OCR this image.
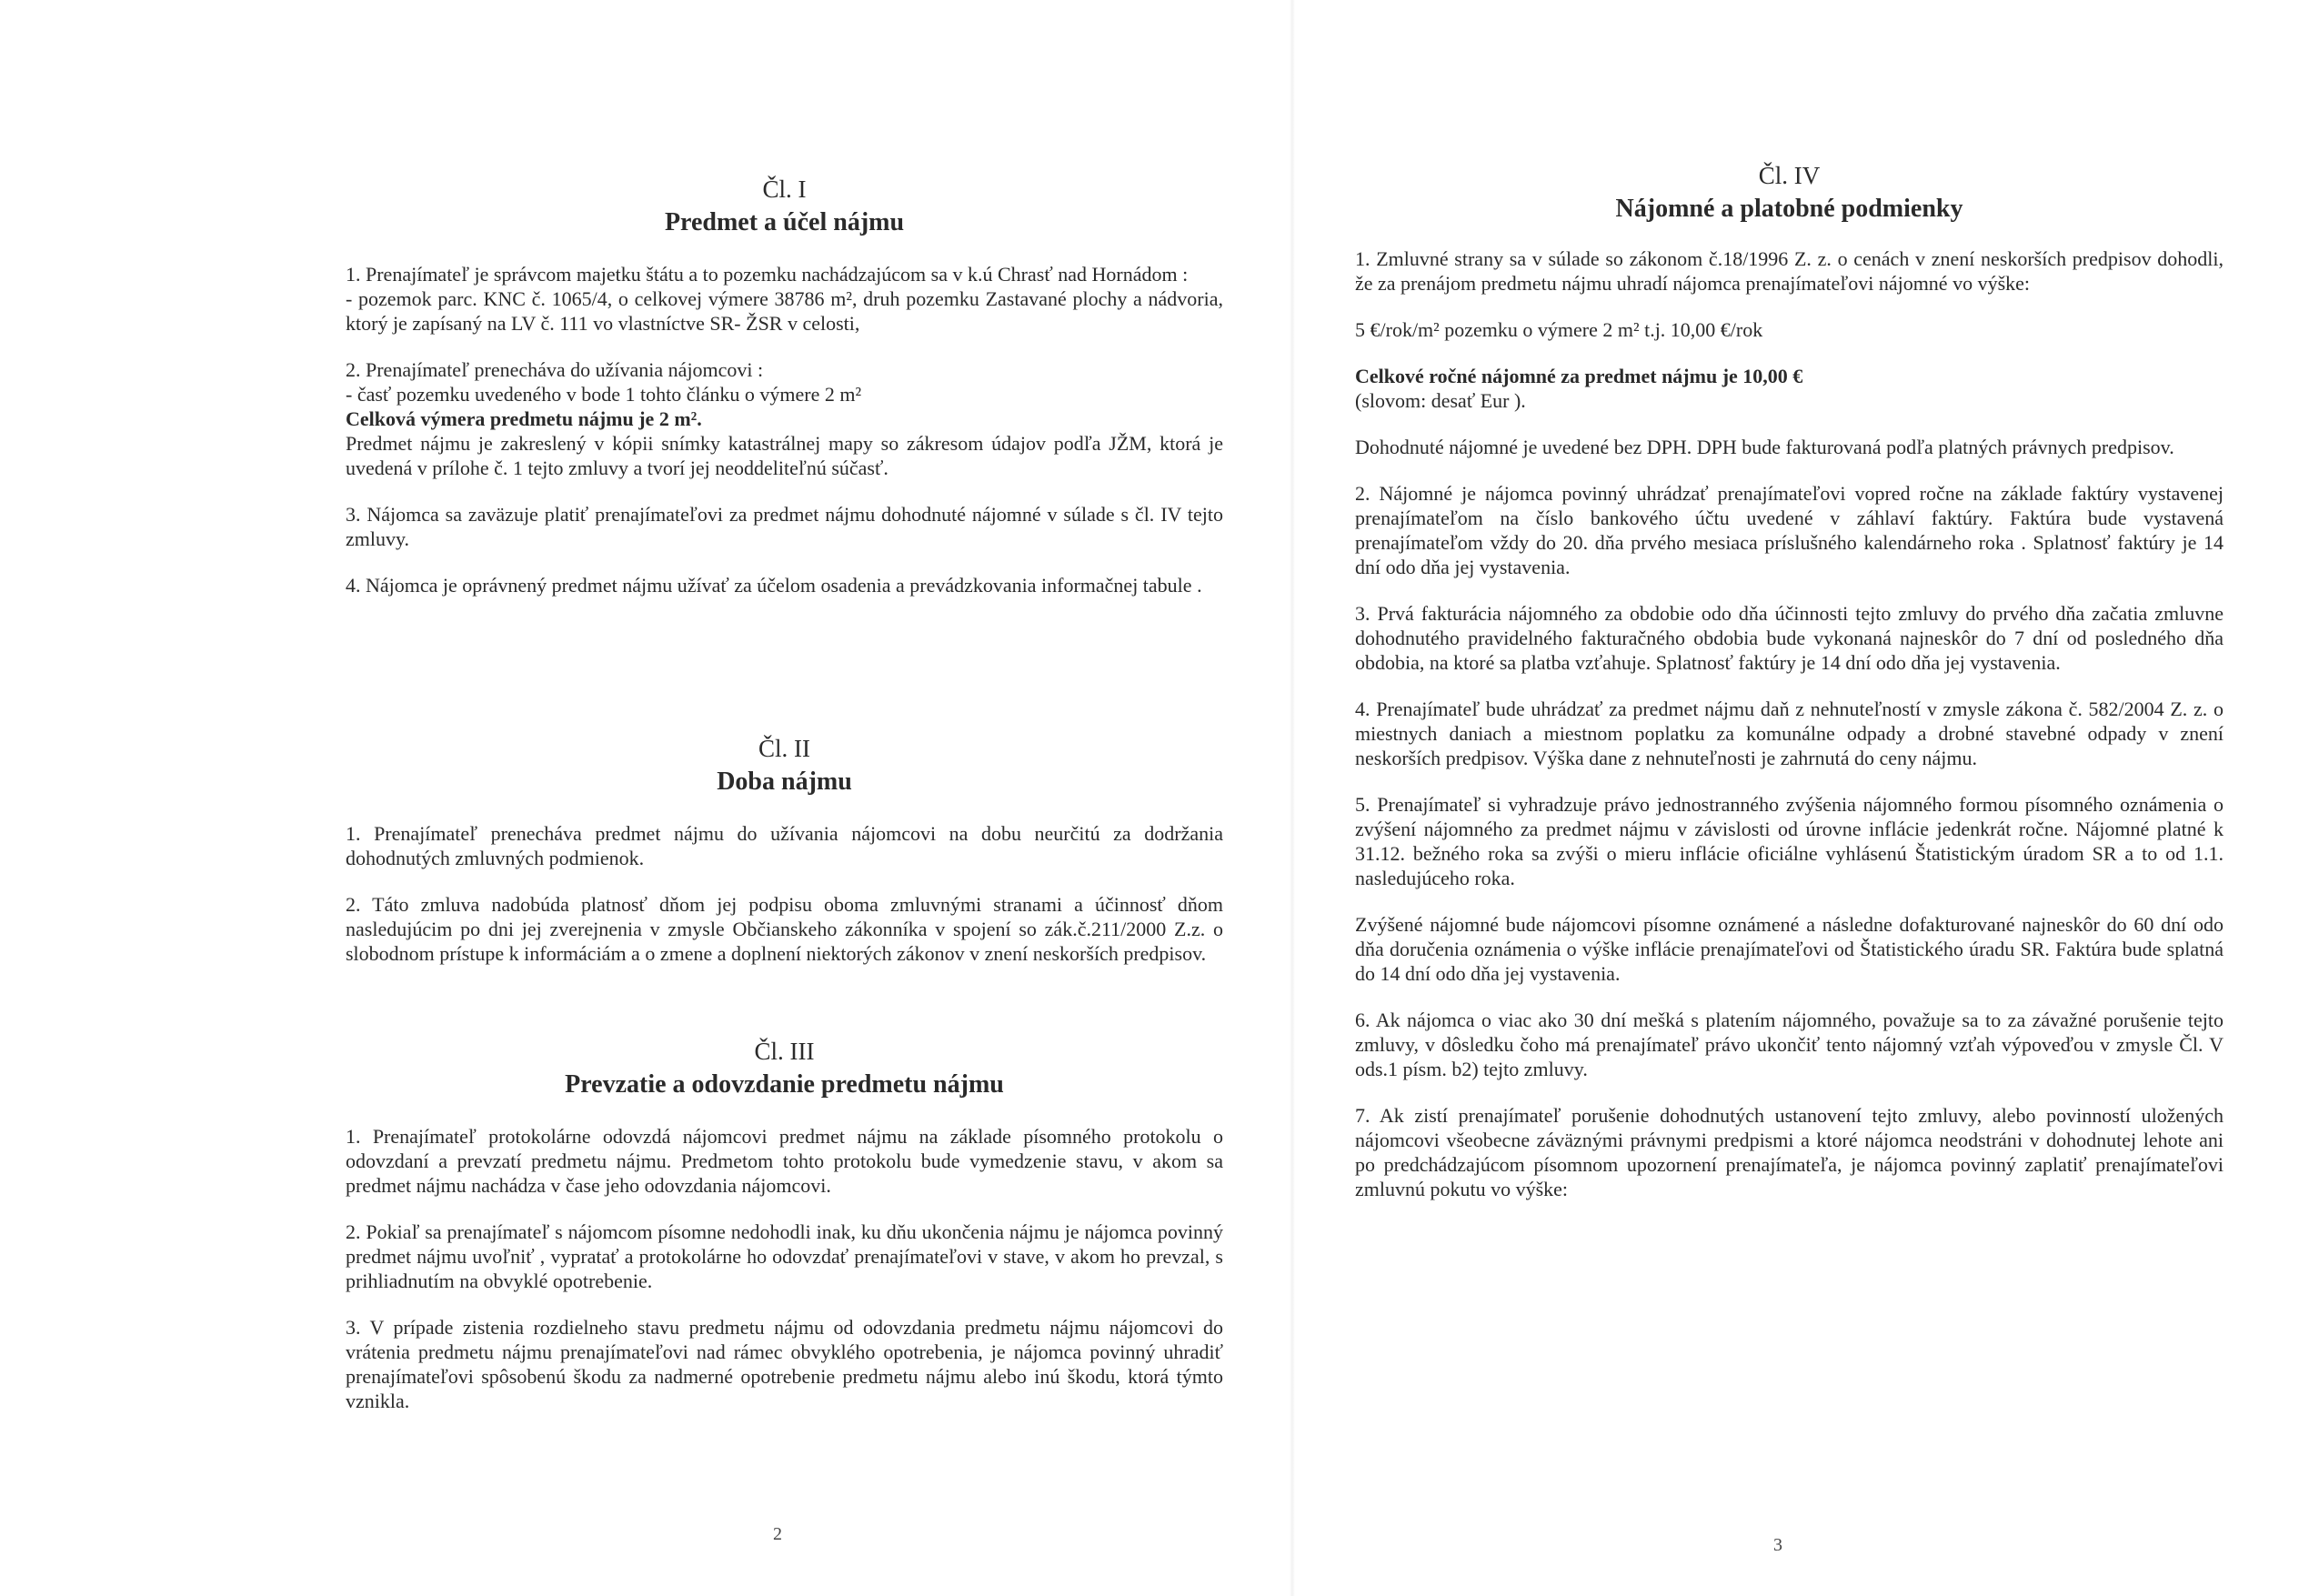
Čl. I
Predmet a účel nájmu

1. Prenajímateľ je správcom majetku štátu a to pozemku nachádzajúcom sa v k.ú Chrasť nad Hornádom :

- pozemok parc. KNC č. 1065/4, o celkovej výmere 38786 m², druh pozemku Zastavané plochy a nádvoria, ktorý je zapísaný na LV č. 111 vo vlastníctve SR- ŽSR v celosti,

2. Prenajímateľ prenecháva do užívania nájomcovi :

- časť pozemku uvedeného v bode 1 tohto článku o výmere 2 m²

Celková výmera predmetu nájmu je 2 m².

Predmet nájmu je zakreslený v kópii snímky katastrálnej mapy so zákresom údajov podľa JŽM, ktorá je uvedená v prílohe č. 1 tejto zmluvy a tvorí jej neoddeliteľnú súčasť.

3. Nájomca sa zaväzuje platiť prenajímateľovi za predmet nájmu dohodnuté nájomné v súlade s čl. IV tejto zmluvy.

4. Nájomca je oprávnený predmet nájmu užívať za účelom osadenia a prevádzkovania informačnej tabule .

Čl. II
Doba nájmu

1. Prenajímateľ prenecháva predmet nájmu do užívania nájomcovi na dobu neurčitú za dodržania dohodnutých zmluvných podmienok.

2. Táto zmluva nadobúda platnosť dňom jej podpisu oboma zmluvnými stranami a účinnosť dňom nasledujúcim po dni jej zverejnenia v zmysle Občianskeho zákonníka v spojení so zák.č.211/2000 Z.z. o slobodnom prístupe k informáciám a o zmene a doplnení niektorých zákonov v znení neskorších predpisov.

Čl. III
Prevzatie a odovzdanie predmetu nájmu

1. Prenajímateľ protokolárne odovzdá nájomcovi predmet nájmu na základe písomného protokolu o odovzdaní a prevzatí predmetu nájmu. Predmetom tohto protokolu bude vymedzenie stavu, v akom sa predmet nájmu nachádza v čase jeho odovzdania nájomcovi.

2. Pokiaľ sa prenajímateľ s nájomcom písomne nedohodli inak, ku dňu ukončenia nájmu je nájomca povinný predmet nájmu uvoľniť , vypratať a protokolárne ho odovzdať prenajímateľovi v stave, v akom ho prevzal, s prihliadnutím na obvyklé opotrebenie.

3. V prípade zistenia rozdielneho stavu predmetu nájmu od odovzdania predmetu nájmu nájomcovi do vrátenia predmetu nájmu prenajímateľovi nad rámec obvyklého opotrebenia, je nájomca povinný uhradiť prenajímateľovi spôsobenú škodu za nadmerné opotrebenie predmetu nájmu alebo inú škodu, ktorá týmto vznikla.

2
Čl. IV
Nájomné a platobné podmienky

1. Zmluvné strany sa v súlade so zákonom č.18/1996 Z. z. o cenách v znení neskorších predpisov dohodli, že za prenájom predmetu nájmu uhradí nájomca prenajímateľovi nájomné vo výške:

5 €/rok/m² pozemku o výmere 2 m² t.j. 10,00 €/rok

Celkové ročné nájomné za predmet nájmu je 10,00 €

(slovom: desať Eur ).

Dohodnuté nájomné je uvedené bez DPH. DPH bude fakturovaná podľa platných právnych predpisov.

2. Nájomné je nájomca povinný uhrádzať prenajímateľovi vopred ročne na základe faktúry vystavenej prenajímateľom na číslo bankového účtu uvedené v záhlaví faktúry. Faktúra bude vystavená prenajímateľom vždy do 20. dňa prvého mesiaca príslušného kalendárneho roka . Splatnosť faktúry je 14 dní odo dňa jej vystavenia.

3. Prvá fakturácia nájomného za obdobie odo dňa účinnosti tejto zmluvy do prvého dňa začatia zmluvne dohodnutého pravidelného fakturačného obdobia bude vykonaná najneskôr do 7 dní od posledného dňa obdobia, na ktoré sa platba vzťahuje. Splatnosť faktúry je 14 dní odo dňa jej vystavenia.

4. Prenajímateľ bude uhrádzať za predmet nájmu daň z nehnuteľností v zmysle zákona č. 582/2004 Z. z. o miestnych daniach a miestnom poplatku za komunálne odpady a drobné stavebné odpady v znení neskorších predpisov. Výška dane z nehnuteľnosti je zahrnutá do ceny nájmu.

5. Prenajímateľ si vyhradzuje právo jednostranného zvýšenia nájomného formou písomného oznámenia o zvýšení nájomného za predmet nájmu v závislosti od úrovne inflácie jedenkrát ročne. Nájomné platné k 31.12. bežného roka sa zvýši o mieru inflácie oficiálne vyhlásenú Štatistickým úradom SR a to od 1.1. nasledujúceho roka.

Zvýšené nájomné bude nájomcovi písomne oznámené a následne dofakturované najneskôr do 60 dní odo dňa doručenia oznámenia o výške inflácie prenajímateľovi od Štatistického úradu SR. Faktúra bude splatná do 14 dní odo dňa jej vystavenia.

6. Ak nájomca o viac ako 30 dní mešká s platením nájomného, považuje sa to za závažné porušenie tejto zmluvy, v dôsledku čoho má prenajímateľ právo ukončiť tento nájomný vzťah výpoveďou v zmysle Čl. V ods.1 písm. b2) tejto zmluvy.

7. Ak zistí prenajímateľ porušenie dohodnutých ustanovení tejto zmluvy, alebo povinností uložených nájomcovi všeobecne záväznými právnymi predpismi a ktoré nájomca neodstráni v dohodnutej lehote ani po predchádzajúcom písomnom upozornení prenajímateľa, je nájomca povinný zaplatiť prenajímateľovi zmluvnú pokutu vo výške:

3
